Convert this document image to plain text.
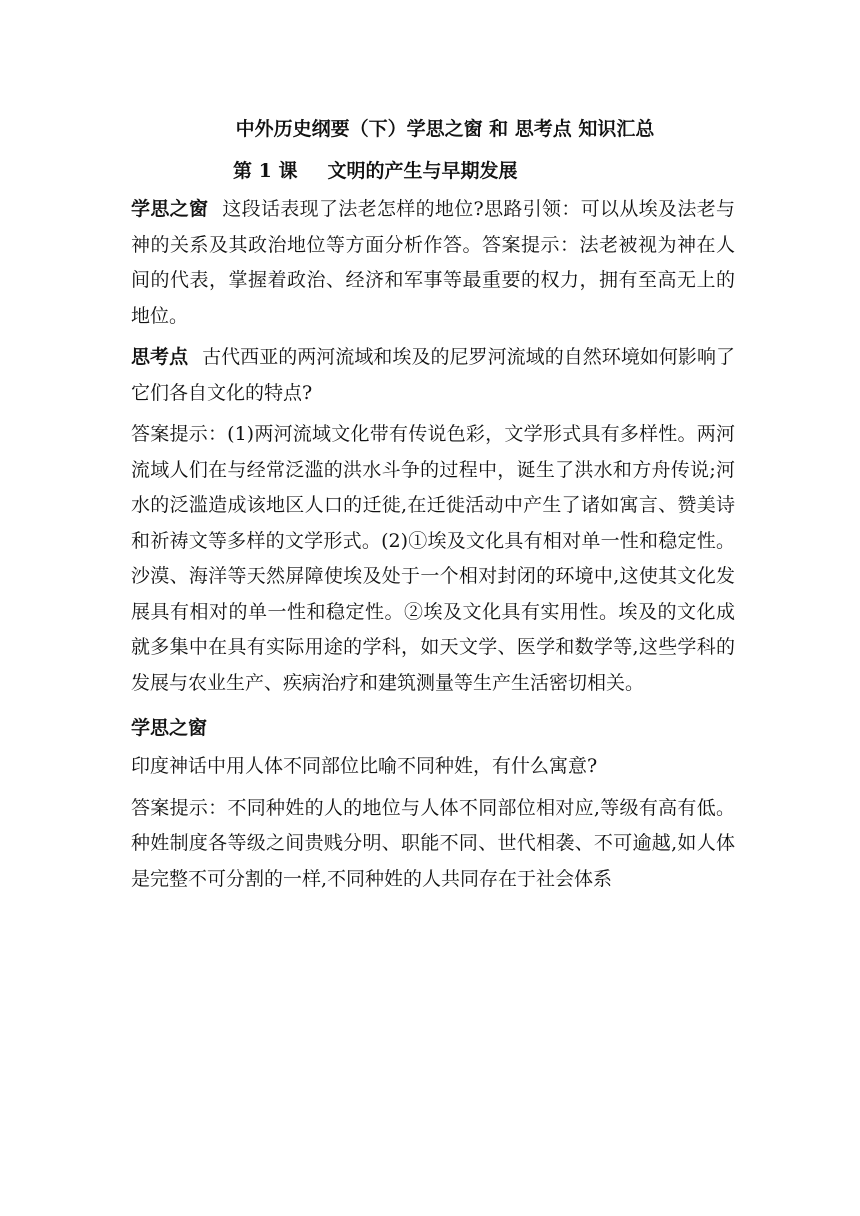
中外历史纲要（下）学思之窗 和 思考点 知识汇总

第 1 课 文明的产生与早期发展

学思之窗 这段话表现了法老怎样的地位?思路引领：可以从埃及法老与神的关系及其政治地位等方面分析作答。答案提示：法老被视为神在人间的代表，掌握着政治、经济和军事等最重要的权力，拥有至高无上的地位。

思考点 古代西亚的两河流域和埃及的尼罗河流域的自然环境如何影响了它们各自文化的特点?

答案提示：(1)两河流域文化带有传说色彩，文学形式具有多样性。两河流域人们在与经常泛滥的洪水斗争的过程中，诞生了洪水和方舟传说;河水的泛滥造成该地区人口的迁徙,在迁徙活动中产生了诸如寓言、赞美诗和祈祷文等多样的文学形式。(2)①埃及文化具有相对单一性和稳定性。沙漠、海洋等天然屏障使埃及处于一个相对封闭的环境中,这使其文化发展具有相对的单一性和稳定性。②埃及文化具有实用性。埃及的文化成就多集中在具有实际用途的学科，如天文学、医学和数学等,这些学科的发展与农业生产、疾病治疗和建筑测量等生产生活密切相关。

学思之窗

印度神话中用人体不同部位比喻不同种姓，有什么寓意?

答案提示：不同种姓的人的地位与人体不同部位相对应,等级有高有低。种姓制度各等级之间贵贱分明、职能不同、世代相袭、不可逾越,如人体是完整不可分割的一样,不同种姓的人共同存在于社会体系
